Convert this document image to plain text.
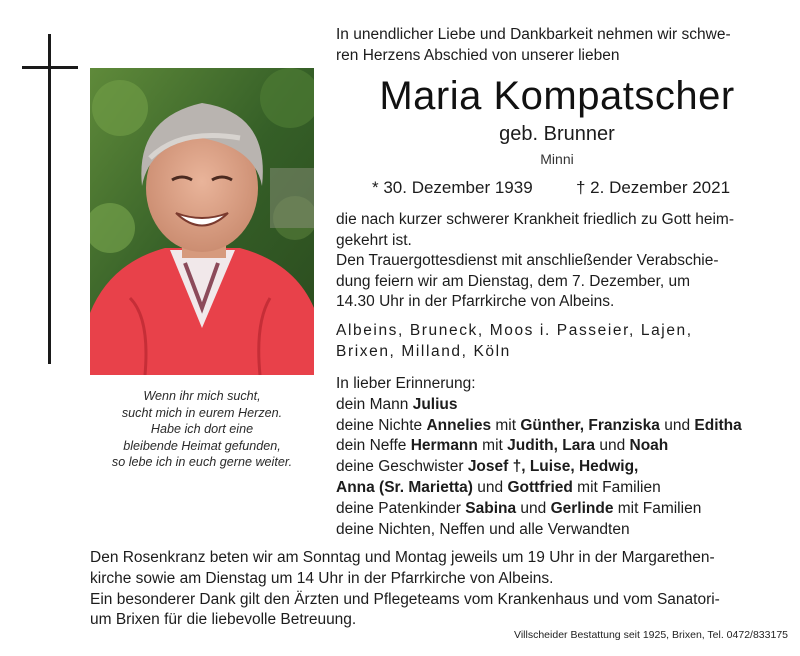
Wenn ihr mich sucht,
sucht mich in eurem Herzen.
Habe ich dort eine
bleibende Heimat gefunden,
so lebe ich in euch gerne weiter.
In unendlicher Liebe und Dankbarkeit nehmen wir schwe-
ren Herzens Abschied von unserer lieben
Maria Kompatscher
geb. Brunner
Minni
* 30. Dezember 1939	† 2. Dezember 2021
die nach kurzer schwerer Krankheit friedlich zu Gott heim-
gekehrt ist.
Den Trauergottesdienst mit anschließender Verabschie-
dung feiern wir am Dienstag, dem 7. Dezember, um
14.30 Uhr in der Pfarrkirche von Albeins.
Albeins, Bruneck, Moos i. Passeier, Lajen,
Brixen, Milland, Köln
In lieber Erinnerung:
dein Mann Julius
deine Nichte Annelies mit Günther, Franziska und Editha
dein Neffe Hermann mit Judith, Lara und Noah
deine Geschwister Josef †, Luise, Hedwig,
Anna (Sr. Marietta) und Gottfried mit Familien
deine Patenkinder Sabina und Gerlinde mit Familien
deine Nichten, Neffen und alle Verwandten
Den Rosenkranz beten wir am Sonntag und Montag jeweils um 19 Uhr in der Margarethen-
kirche sowie am Dienstag um 14 Uhr in der Pfarrkirche von Albeins.
Ein besonderer Dank gilt den Ärzten und Pflegeteams vom Krankenhaus und vom Sanatori-
um Brixen für die liebevolle Betreuung.
Villscheider Bestattung seit 1925, Brixen, Tel. 0472/833175
